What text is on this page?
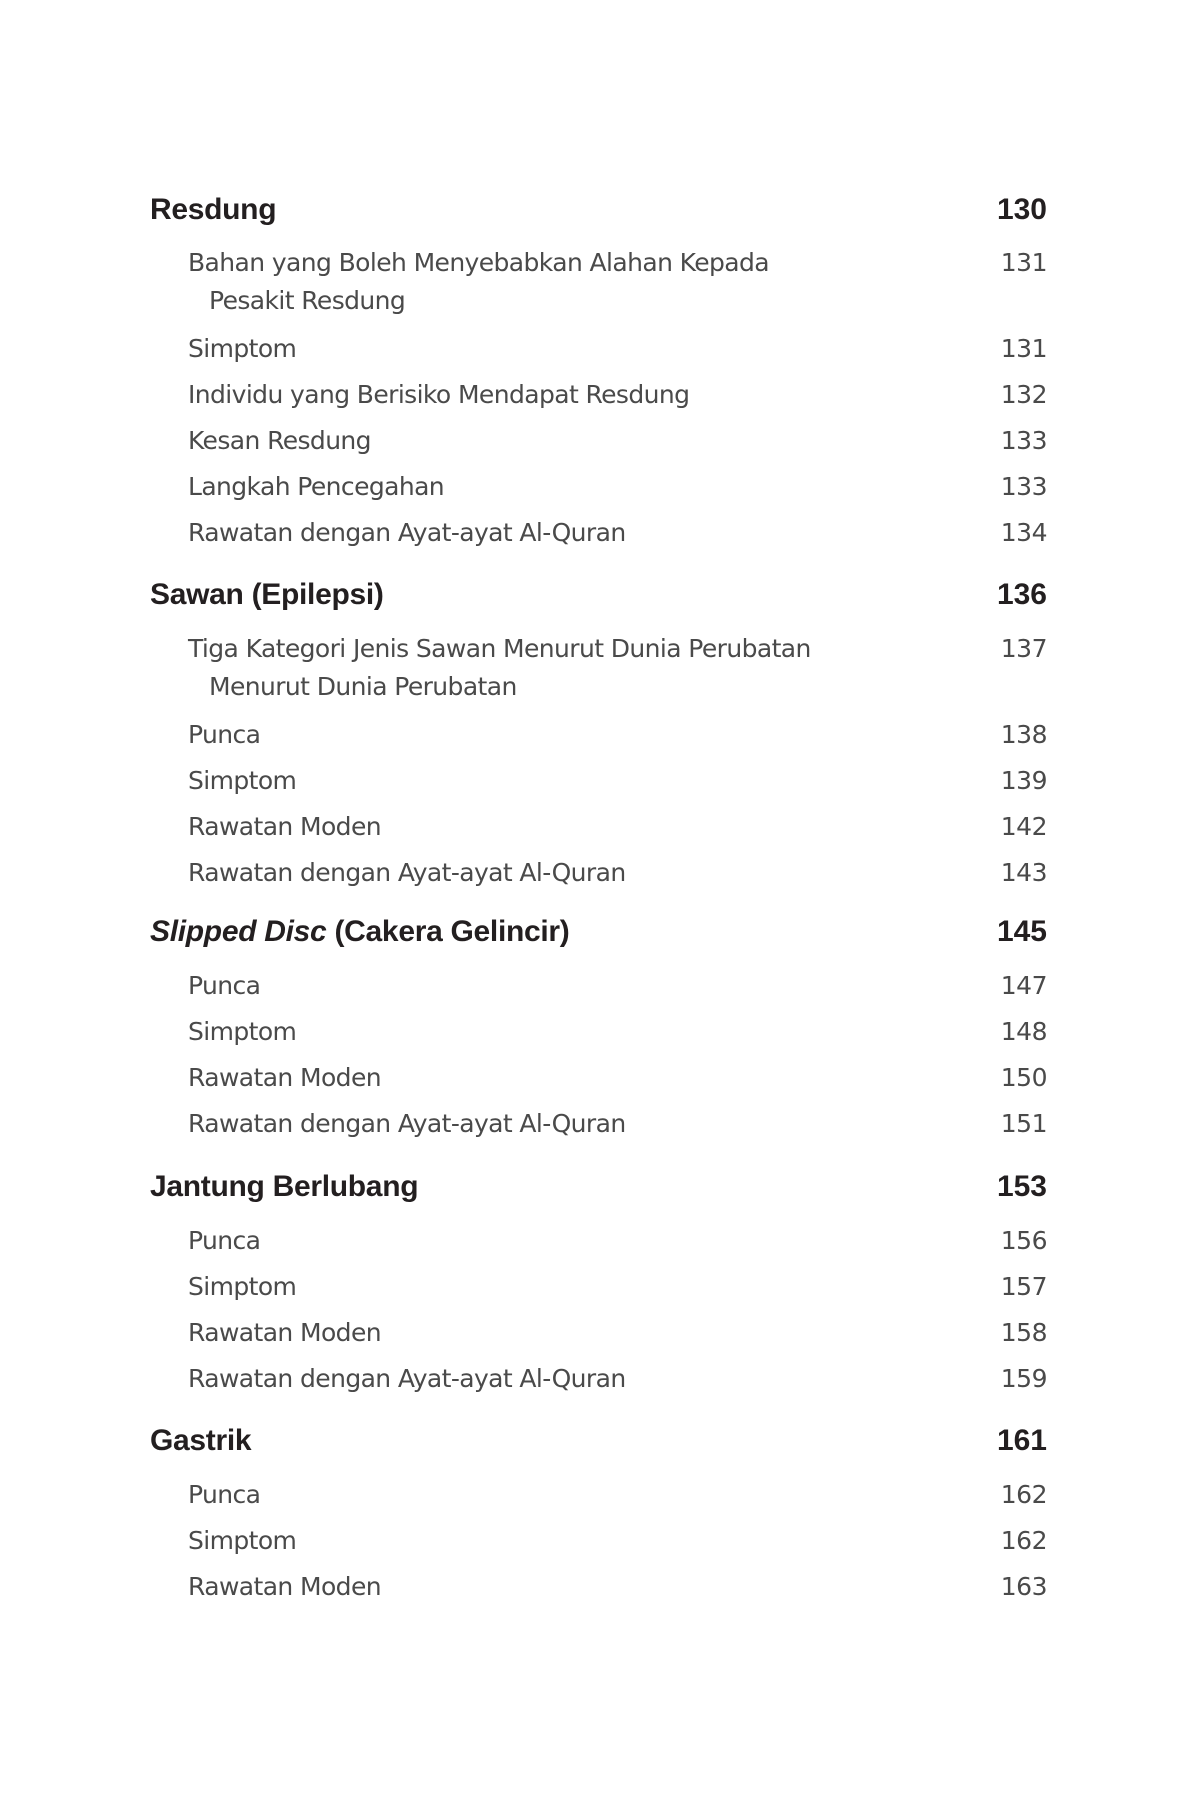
Resdung	130
Bahan yang Boleh Menyebabkan Alahan Kepada	131
Pesakit Resdung
Simptom	131
Individu yang Berisiko Mendapat Resdung	132
Kesan Resdung	133
Langkah Pencegahan	133
Rawatan dengan Ayat-ayat Al-Quran	134
Sawan (Epilepsi)	136
Tiga Kategori Jenis Sawan Menurut Dunia Perubatan	137
Menurut Dunia Perubatan
Punca	138
Simptom	139
Rawatan Moden	142
Rawatan dengan Ayat-ayat Al-Quran	143
Slipped Disc (Cakera Gelincir)	145
Punca	147
Simptom	148
Rawatan Moden	150
Rawatan dengan Ayat-ayat Al-Quran	151
Jantung Berlubang	153
Punca	156
Simptom	157
Rawatan Moden	158
Rawatan dengan Ayat-ayat Al-Quran	159
Gastrik	161
Punca	162
Simptom	162
Rawatan Moden	163
